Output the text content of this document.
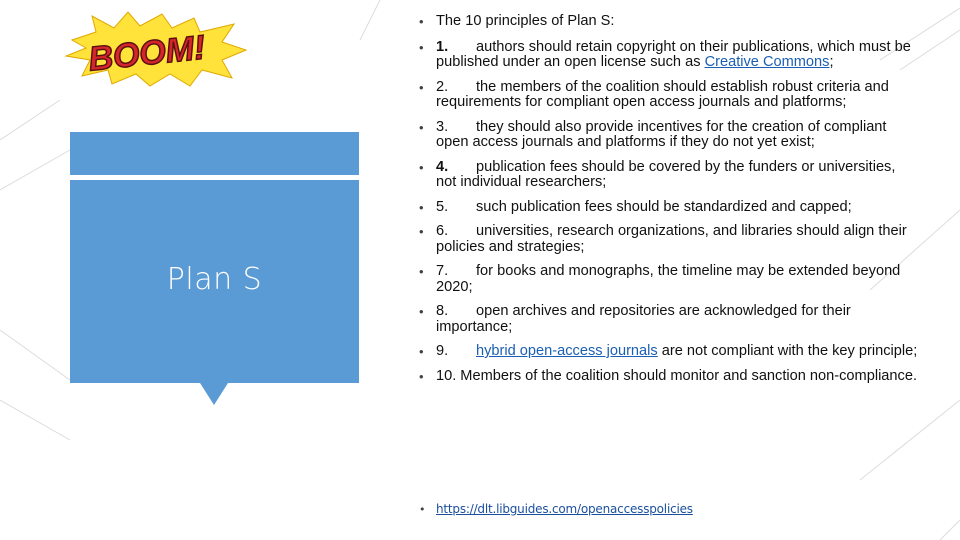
BOOM!
Plan S
• The 10 principles of Plan S:
• 1. authors should retain copyright on their publications, which must be published under an open license such as Creative Commons;
• 2. the members of the coalition should establish robust criteria and requirements for compliant open access journals and platforms;
• 3. they should also provide incentives for the creation of compliant open access journals and platforms if they do not yet exist;
• 4. publication fees should be covered by the funders or universities, not individual researchers;
• 5. such publication fees should be standardized and capped;
• 6. universities, research organizations, and libraries should align their policies and strategies;
• 7. for books and monographs, the timeline may be extended beyond 2020;
• 8. open archives and repositories are acknowledged for their importance;
• 9. hybrid open-access journals are not compliant with the key principle;
• 10. Members of the coalition should monitor and sanction non-compliance.
• https://dlt.libguides.com/openaccesspolicies
